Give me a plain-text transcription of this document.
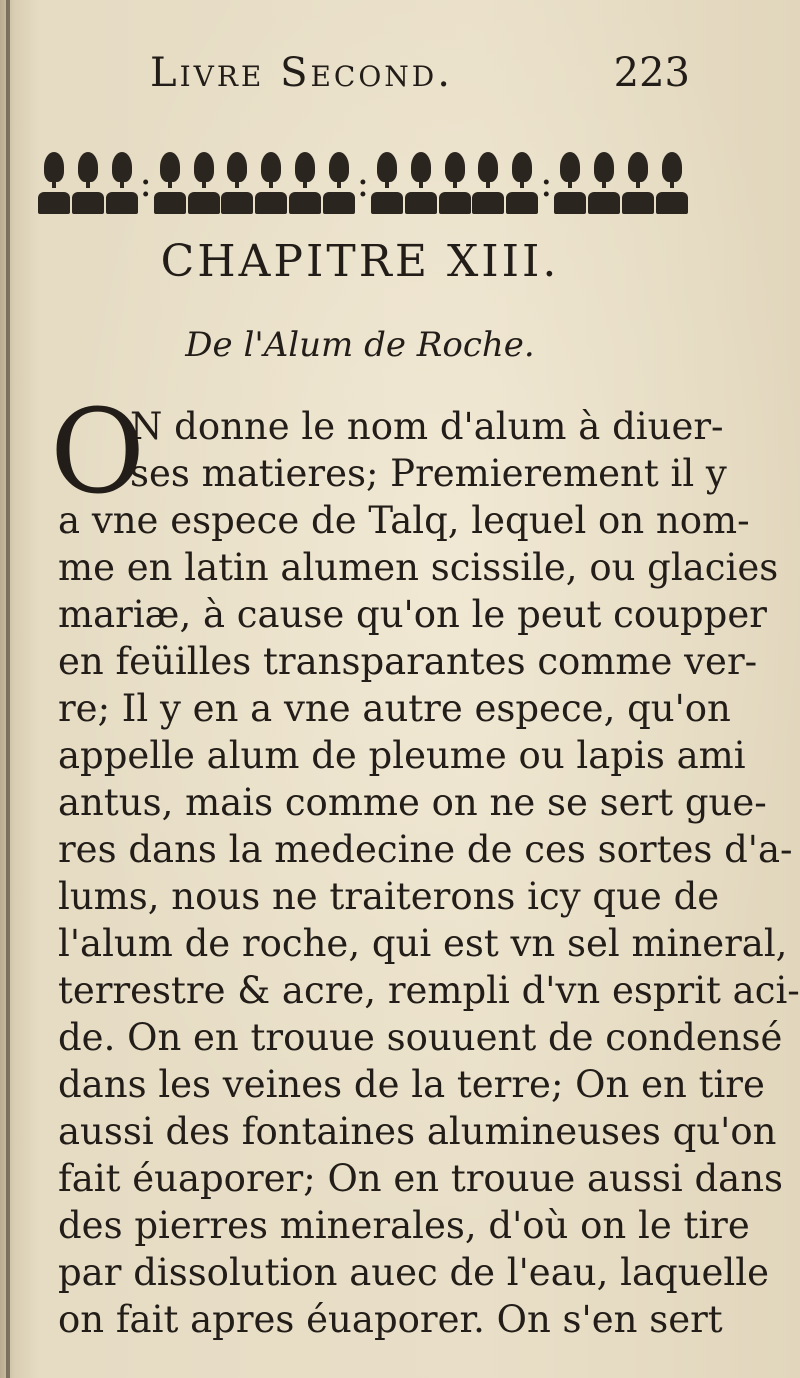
Livre Second.	223
:	:	:
CHAPITRE XIII.
De l'Alum de Roche.
O
N donne le nom d'alum à diuer-
ses matieres; Premierement il y
a vne espece de Talq, lequel on nom-
me en latin alumen scissile, ou glacies
mariæ, à cause qu'on le peut coupper
en feüilles transparantes comme ver-
re; Il y en a vne autre espece, qu'on
appelle alum de pleume ou lapis ami
antus, mais comme on ne se sert gue-
res dans la medecine de ces sortes d'a-
lums, nous ne traiterons icy que de
l'alum de roche, qui est vn sel mineral,
terrestre & acre, rempli d'vn esprit aci-
de. On en trouue souuent de condensé
dans les veines de la terre; On en tire
aussi des fontaines alumineuses qu'on
fait éuaporer; On en trouue aussi dans
des pierres minerales, d'où on le tire
par dissolution auec de l'eau, laquelle
on fait apres éuaporer. On s'en sert
